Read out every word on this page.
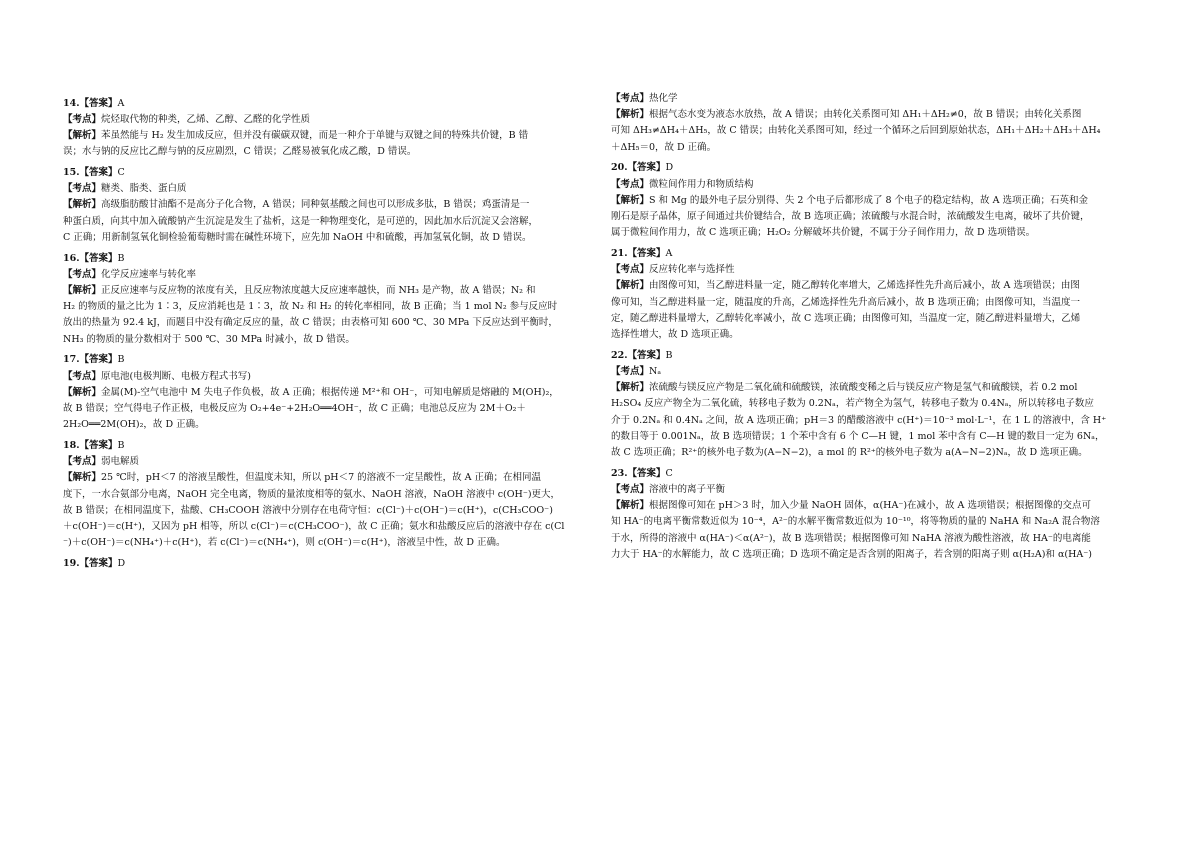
14.【答案】A

【考点】烷烃取代物的种类，乙烯、乙醇、乙醛的化学性质

【解析】苯虽然能与 H₂ 发生加成反应，但并没有碳碳双键，而是一种介于单键与双键之间的特殊共价键，B 错

误；水与钠的反应比乙醇与钠的反应剧烈，C 错误；乙醛易被氧化成乙酸，D 错误。

15.【答案】C

【考点】糖类、脂类、蛋白质

【解析】高级脂肪酸甘油酯不是高分子化合物，A 错误；同种氨基酸之间也可以形成多肽，B 错误；鸡蛋清是一

种蛋白质，向其中加入硫酸钠产生沉淀是发生了盐析，这是一种物理变化，是可逆的，因此加水后沉淀又会溶解，

C 正确；用新制氢氧化铜检验葡萄糖时需在碱性环境下，应先加 NaOH 中和硫酸，再加氢氧化铜，故 D 错误。

16.【答案】B

【考点】化学反应速率与转化率

【解析】正反应速率与反应物的浓度有关，且反应物浓度越大反应速率越快，而 NH₃ 是产物，故 A 错误；N₂ 和

H₂ 的物质的量之比为 1∶3，反应消耗也是 1∶3，故 N₂ 和 H₂ 的转化率相同，故 B 正确；当 1 mol N₂ 参与反应时

放出的热量为 92.4 kJ，而题目中没有确定反应的量，故 C 错误；由表格可知 600 ℃、30 MPa 下反应达到平衡时，

NH₃ 的物质的量分数相对于 500 ℃、30 MPa 时减小，故 D 错误。

17.【答案】B

【考点】原电池(电极判断、电极方程式书写)

【解析】金属(M)-空气电池中 M 失电子作负极，故 A 正确；根据传递 M²⁺和 OH⁻，可知电解质是熔融的 M(OH)₂，

故 B 错误；空气得电子作正极，电极反应为 O₂+4e⁻+2H₂O══4OH⁻，故 C 正确；电池总反应为 2M＋O₂＋

2H₂O══2M(OH)₂，故 D 正确。

18.【答案】B

【考点】弱电解质

【解析】25 ℃时，pH＜7 的溶液呈酸性，但温度未知，所以 pH＜7 的溶液不一定呈酸性，故 A 正确；在相同温

度下，一水合氨部分电离，NaOH 完全电离，物质的量浓度相等的氨水、NaOH 溶液，NaOH 溶液中 c(OH⁻)更大，

故 B 错误；在相同温度下，盐酸、CH₃COOH 溶液中分别存在电荷守恒：c(Cl⁻)＋c(OH⁻)＝c(H⁺)，c(CH₃COO⁻)

＋c(OH⁻)＝c(H⁺)，又因为 pH 相等，所以 c(Cl⁻)＝c(CH₃COO⁻)，故 C 正确；氨水和盐酸反应后的溶液中存在 c(Cl

⁻)＋c(OH⁻)＝c(NH₄⁺)＋c(H⁺)，若 c(Cl⁻)＝c(NH₄⁺)，则 c(OH⁻)＝c(H⁺)，溶液呈中性，故 D 正确。

19.【答案】D

【考点】热化学

【解析】根据气态水变为液态水放热，故 A 错误；由转化关系图可知 ΔH₁＋ΔH₂≠0，故 B 错误；由转化关系图

可知 ΔH₃≠ΔH₄＋ΔH₅，故 C 错误；由转化关系图可知，经过一个循环之后回到原始状态，ΔH₁＋ΔH₂＋ΔH₃＋ΔH₄

＋ΔH₅＝0，故 D 正确。

20.【答案】D

【考点】微粒间作用力和物质结构

【解析】S 和 Mg 的最外电子层分别得、失 2 个电子后都形成了 8 个电子的稳定结构，故 A 选项正确；石英和金

刚石是原子晶体，原子间通过共价键结合，故 B 选项正确；浓硫酸与水混合时，浓硫酸发生电离，破坏了共价键，

属于微粒间作用力，故 C 选项正确；H₂O₂ 分解破坏共价键，不属于分子间作用力，故 D 选项错误。

21.【答案】A

【考点】反应转化率与选择性

【解析】由图像可知，当乙醇进料量一定，随乙醇转化率增大，乙烯选择性先升高后减小，故 A 选项错误；由图

像可知，当乙醇进料量一定，随温度的升高，乙烯选择性先升高后减小，故 B 选项正确；由图像可知，当温度一

定，随乙醇进料量增大，乙醇转化率减小，故 C 选项正确；由图像可知，当温度一定，随乙醇进料量增大，乙烯

选择性增大，故 D 选项正确。

22.【答案】B

【考点】Nₐ

【解析】浓硫酸与镁反应产物是二氧化硫和硫酸镁，浓硫酸变稀之后与镁反应产物是氢气和硫酸镁，若 0.2 mol

H₂SO₄ 反应产物全为二氧化硫，转移电子数为 0.2Nₐ，若产物全为氢气，转移电子数为 0.4Nₐ，所以转移电子数应

介于 0.2Nₐ 和 0.4Nₐ 之间，故 A 选项正确；pH＝3 的醋酸溶液中 c(H⁺)＝10⁻³ mol·L⁻¹，在 1 L 的溶液中，含 H⁺

的数目等于 0.001Nₐ，故 B 选项错误；1 个苯中含有 6 个 C—H 键，1 mol 苯中含有 C—H 键的数目一定为 6Nₐ，

故 C 选项正确；R²⁺的核外电子数为(A−N−2)，a mol 的 R²⁺的核外电子数为 a(A−N−2)Nₐ，故 D 选项正确。

23.【答案】C

【考点】溶液中的离子平衡

【解析】根据图像可知在 pH＞3 时，加入少量 NaOH 固体，α(HA⁻)在减小，故 A 选项错误；根据图像的交点可

知 HA⁻的电离平衡常数近似为 10⁻⁴，A²⁻的水解平衡常数近似为 10⁻¹⁰，将等物质的量的 NaHA 和 Na₂A 混合物溶

于水，所得的溶液中 α(HA⁻)＜α(A²⁻)，故 B 选项错误；根据图像可知 NaHA 溶液为酸性溶液，故 HA⁻的电离能

力大于 HA⁻的水解能力，故 C 选项正确；D 选项不确定是否含别的阳离子，若含别的阳离子则 α(H₂A)和 α(HA⁻)
